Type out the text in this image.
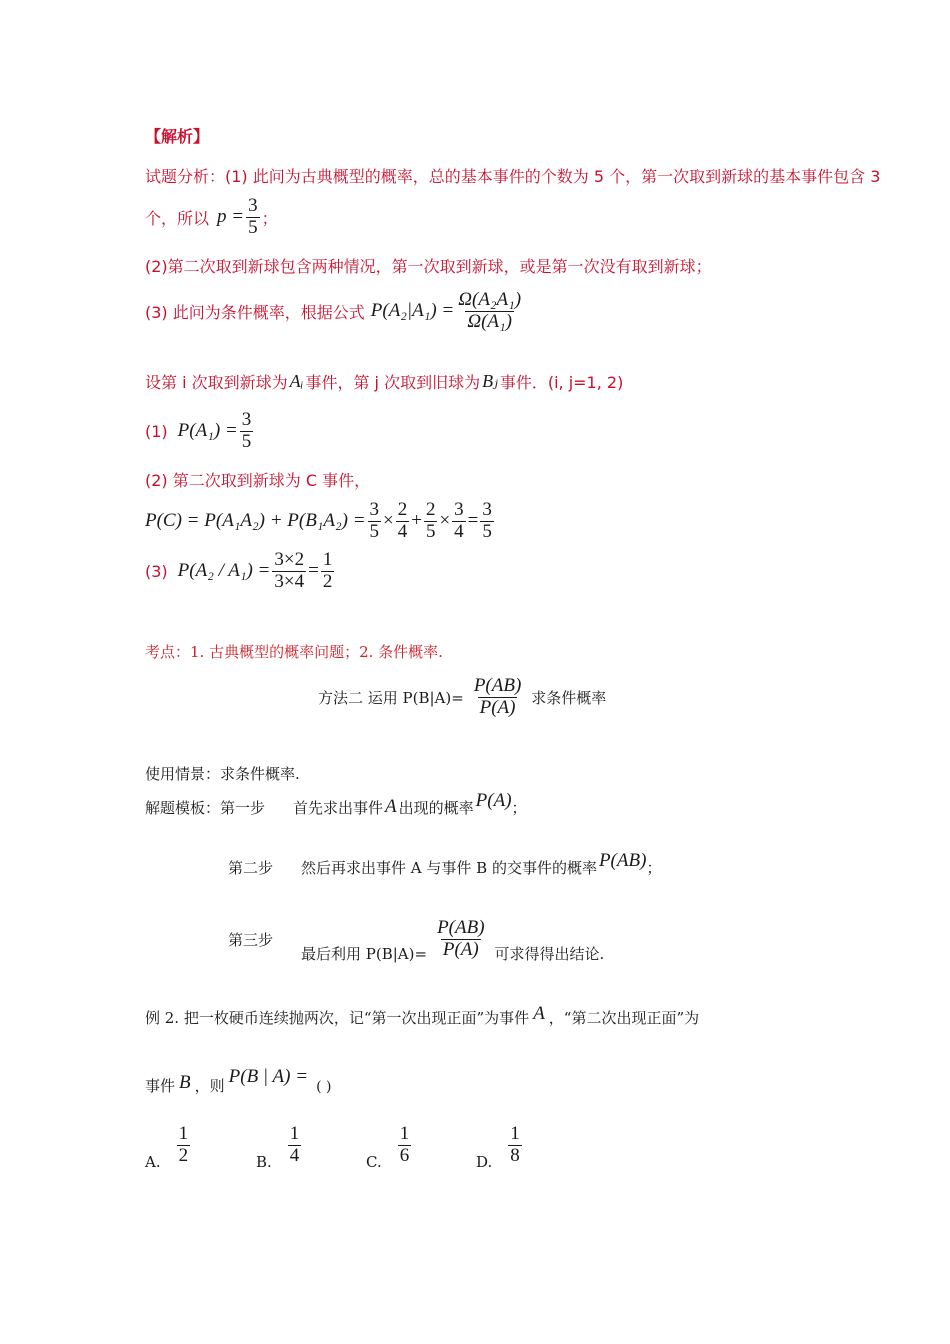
【解析】
试题分析：(1) 此问为古典概型的概率，总的基本事件的个数为 5 个，第一次取到新球的基本事件包含 3
个，所以 $p = \frac{3}{5}$ ；
(2)第二次取到新球包含两种情况，第一次取到新球，或是第一次没有取到新球；
(3) 此问为条件概率，根据公式 $P(A_2|A_1) = \frac{\text{Ω(A₂A₁)}}{\text{Ω(A₁)}}$
设第 i 次取到新球为 Aᵢ 事件，第 j 次取到旧球为 Bⱼ 事件．(i, j=1, 2)
(1) $P(A_1) = \frac{3}{5}$
(2) 第二次取到新球为 C 事件，
$P(C) = P(A_1A_2) + P(B_1A_2) = \frac{3}{5} \times \frac{2}{4} + \frac{2}{5} \times \frac{3}{4} = \frac{3}{5}$
(3) $P(A_2 / A_1) = \frac{3\times 2}{3\times 4} = \frac{1}{2}$
考点：1. 古典概型的概率问题；2. 条件概率.
方法二 运用 $P(B|A)= \frac{P(AB)}{P(A)}$ 求条件概率
使用情景：求条件概率.
解题模板：第一步 首先求出事件 A 出现的概率 P(A) ；
第二步 然后再求出事件 A 与事件 B 的交事件的概率 P(AB) ；
第三步
最后利用 $P(B|A)= \frac{P(AB)}{P(A)}$ 可求得得出结论.
例 2. 把一枚硬币连续抛两次，记“第一次出现正面”为事件 A ，“第二次出现正面”为
事件 B ，则 P(B | A) = ( )
A. $\frac{1}{2}$	B. $\frac{1}{4}$	C. $\frac{1}{6}$	D. $\frac{1}{8}$
